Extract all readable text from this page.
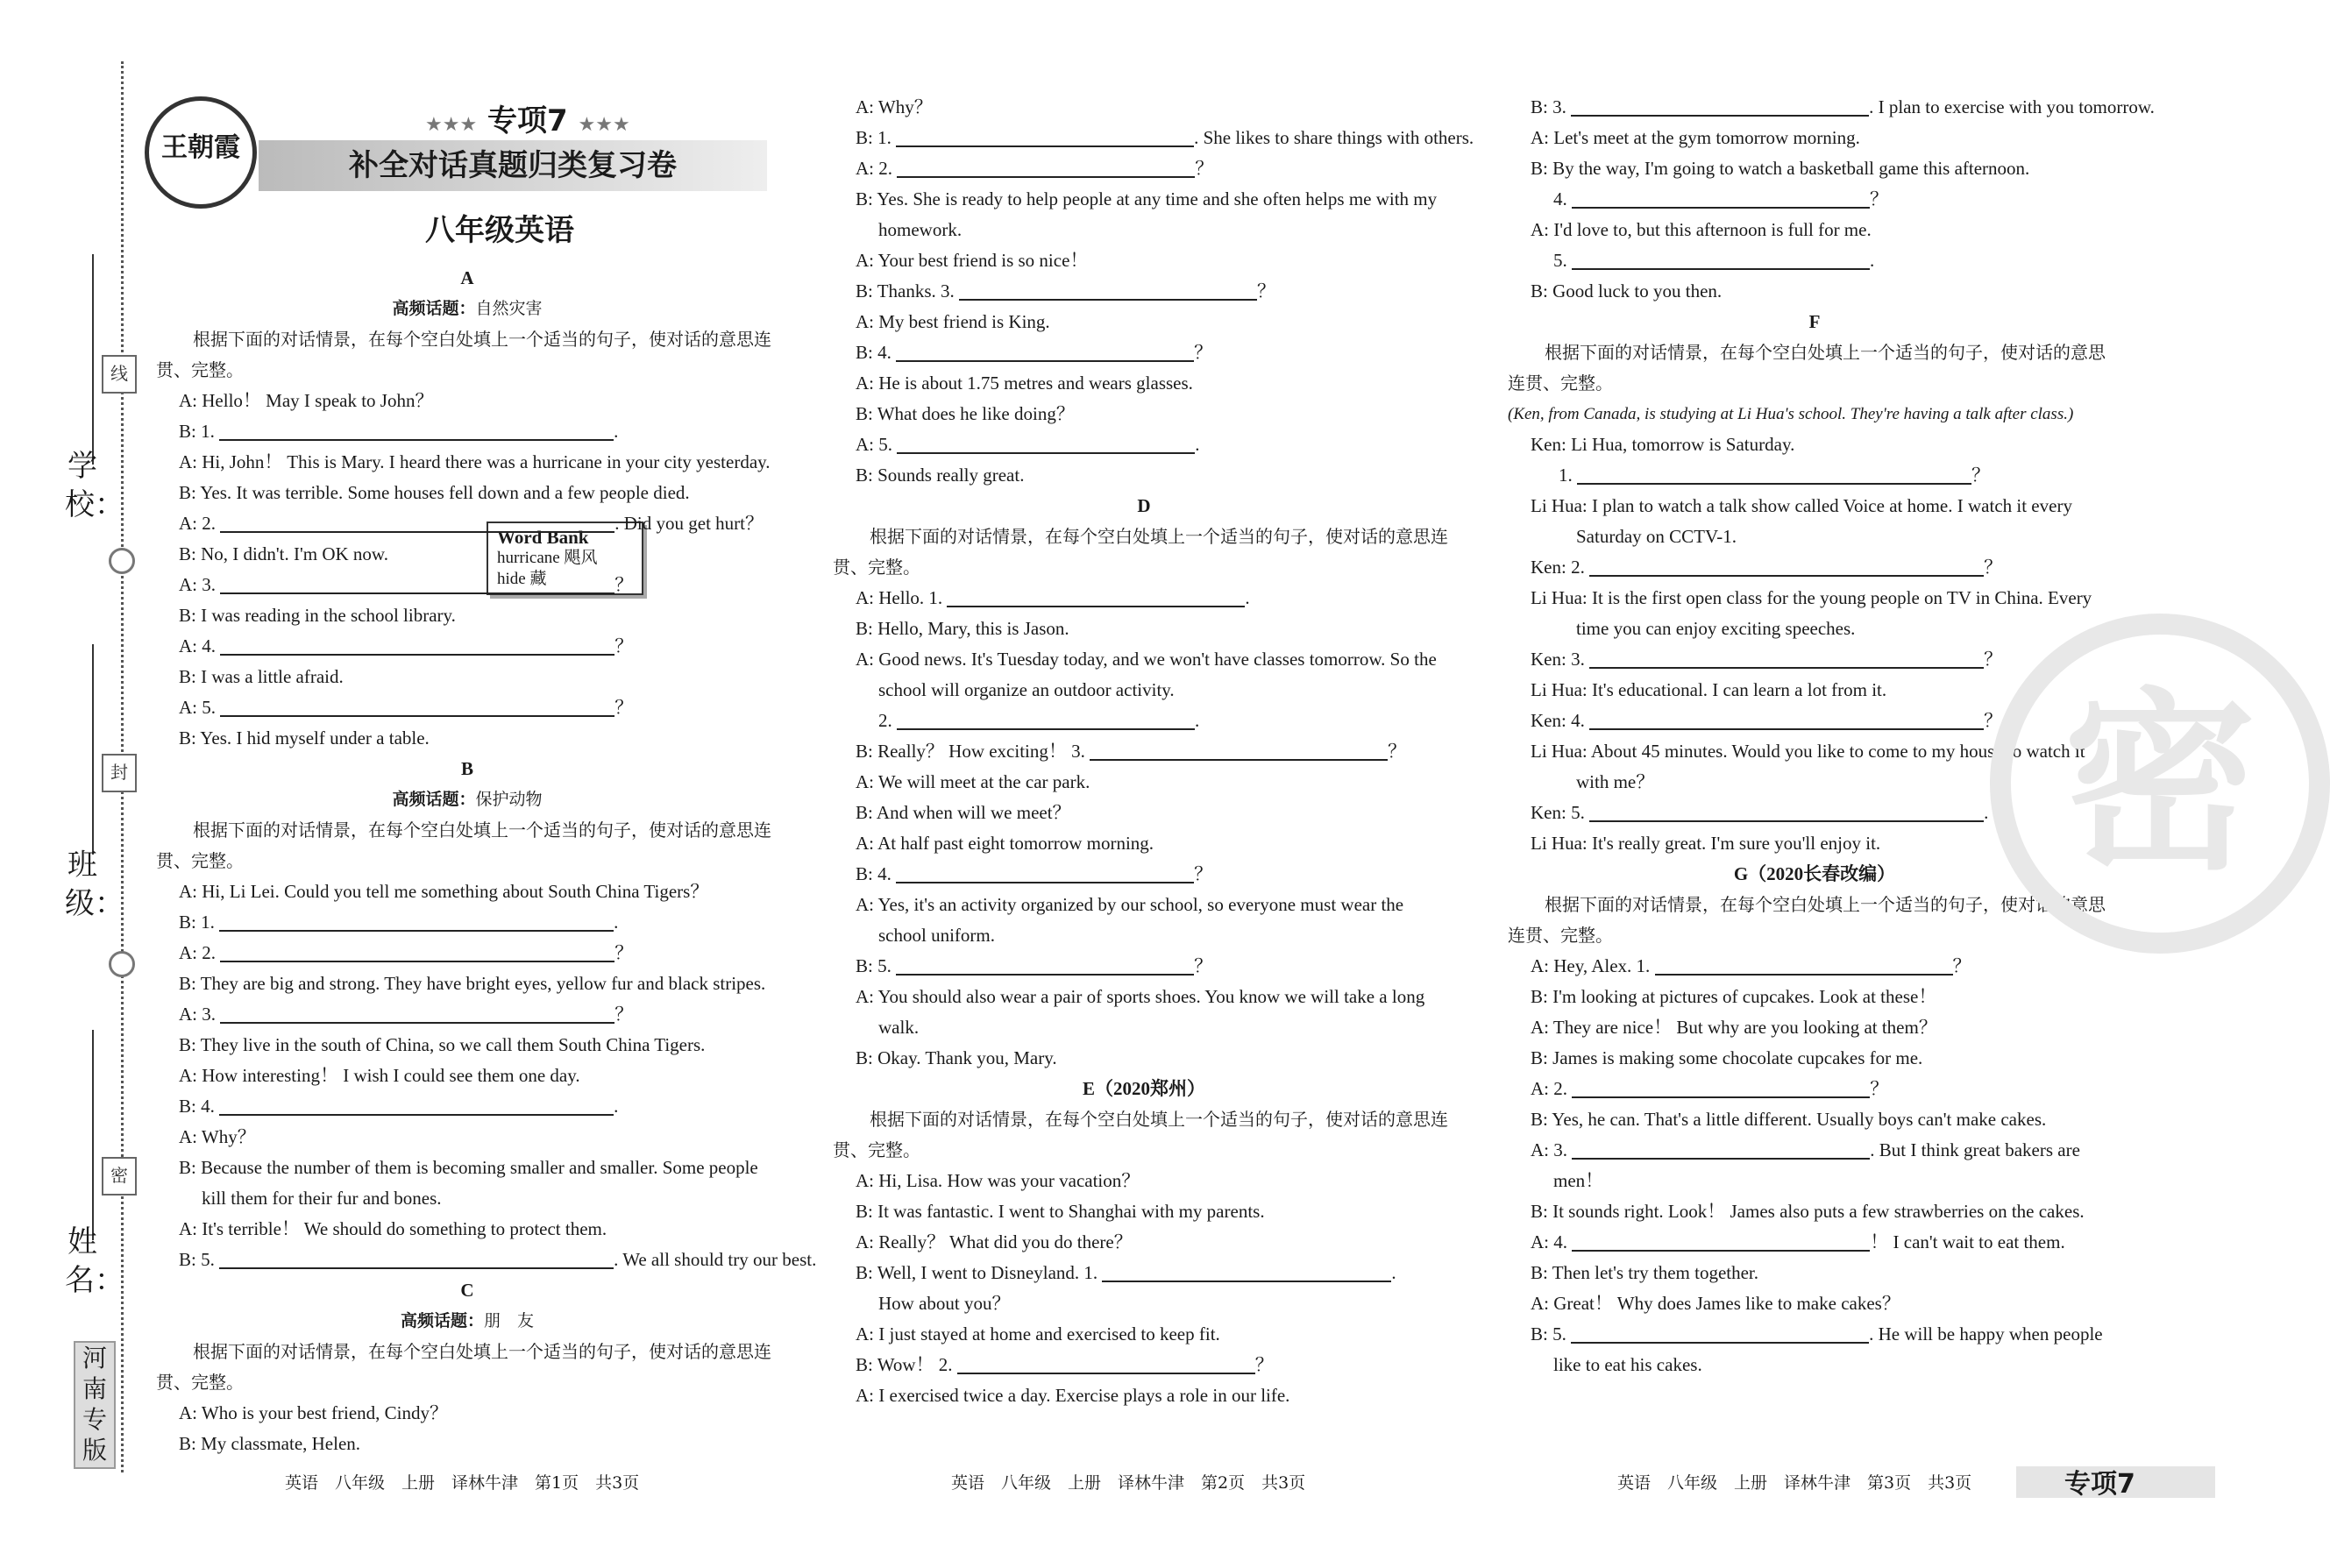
线
封
密
学校：
班级：
姓名：
河南专版
王朝霞
★★★ 专项7 ★★★
补全对话真题归类复习卷
八年级英语
Word Bank
hurricane 飓风
hide 藏
A
高频话题：自然灾害
根据下面的对话情景，在每个空白处填上一个适当的句子，使对话的意思连贯、完整。
A: Hello！ May I speak to John？
B: 1.	.
A: Hi, John！ This is Mary. I heard there was a hurricane in your city yesterday.
B: Yes. It was terrible. Some houses fell down and a few people died.
A: 2.	. Did you get hurt？
B: No, I didn't. I'm OK now.
A: 3.	？
B: I was reading in the school library.
A: 4.	？
B: I was a little afraid.
A: 5.	？
B: Yes. I hid myself under a table.
B
高频话题：保护动物
根据下面的对话情景，在每个空白处填上一个适当的句子，使对话的意思连贯、完整。
A: Hi, Li Lei. Could you tell me something about South China Tigers？
B: 1.	.
A: 2.	？
B: They are big and strong. They have bright eyes, yellow fur and black stripes.
A: 3.	？
B: They live in the south of China, so we call them South China Tigers.
A: How interesting！ I wish I could see them one day.
B: 4.	.
A: Why？
B: Because the number of them is becoming smaller and smaller. Some people kill them for their fur and bones.
A: It's terrible！ We should do something to protect them.
B: 5.	. We all should try our best.
C
高频话题：朋　友
根据下面的对话情景，在每个空白处填上一个适当的句子，使对话的意思连贯、完整。
A: Who is your best friend, Cindy？
B: My classmate, Helen.
A: Why？
B: 1.	. She likes to share things with others.
A: 2.	？
B: Yes. She is ready to help people at any time and she often helps me with my homework.
A: Your best friend is so nice！
B: Thanks. 3.	？
A: My best friend is King.
B: 4.	？
A: He is about 1.75 metres and wears glasses.
B: What does he like doing？
A: 5.	.
B: Sounds really great.
D
根据下面的对话情景，在每个空白处填上一个适当的句子，使对话的意思连贯、完整。
A: Hello. 1.	.
B: Hello, Mary, this is Jason.
A: Good news. It's Tuesday today, and we won't have classes tomorrow. So the school will organize an outdoor activity.
2.	.
B: Really？ How exciting！ 3.	？
A: We will meet at the car park.
B: And when will we meet？
A: At half past eight tomorrow morning.
B: 4.	？
A: Yes, it's an activity organized by our school, so everyone must wear the school uniform.
B: 5.	？
A: You should also wear a pair of sports shoes. You know we will take a long walk.
B: Okay. Thank you, Mary.
E（2020郑州）
根据下面的对话情景，在每个空白处填上一个适当的句子，使对话的意思连贯、完整。
A: Hi, Lisa. How was your vacation？
B: It was fantastic. I went to Shanghai with my parents.
A: Really？ What did you do there？
B: Well, I went to Disneyland. 1.	.
How about you？
A: I just stayed at home and exercised to keep fit.
B: Wow！ 2.	？
A: I exercised twice a day. Exercise plays a role in our life.
B: 3.	. I plan to exercise with you tomorrow.
A: Let's meet at the gym tomorrow morning.
B: By the way, I'm going to watch a basketball game this afternoon.
4.	？
A: I'd love to, but this afternoon is full for me.
5.	.
B: Good luck to you then.
F
根据下面的对话情景，在每个空白处填上一个适当的句子，使对话的意思连贯、完整。
(Ken, from Canada, is studying at Li Hua's school. They're having a talk after class.)
Ken: Li Hua, tomorrow is Saturday.
1.	？
Li Hua: I plan to watch a talk show called Voice at home. I watch it every Saturday on CCTV-1.
Ken: 2.	？
Li Hua: It is the first open class for the young people on TV in China. Every time you can enjoy exciting speeches.
Ken: 3.	？
Li Hua: It's educational. I can learn a lot from it.
Ken: 4.	？
Li Hua: About 45 minutes. Would you like to come to my house to watch it with me？
Ken: 5.	.
Li Hua: It's really great. I'm sure you'll enjoy it.
G（2020长春改编）
根据下面的对话情景，在每个空白处填上一个适当的句子，使对话的意思连贯、完整。
A: Hey, Alex. 1.	？
B: I'm looking at pictures of cupcakes. Look at these！
A: They are nice！ But why are you looking at them？
B: James is making some chocolate cupcakes for me.
A: 2.	？
B: Yes, he can. That's a little different. Usually boys can't make cakes.
A: 3.	. But I think great bakers are men！
B: It sounds right. Look！ James also puts a few strawberries on the cakes.
A: 4.	！ I can't wait to eat them.
B: Then let's try them together.
A: Great！ Why does James like to make cakes？
B: 5.	. He will be happy when people like to eat his cakes.
密
英语　八年级　上册　译林牛津　第1页　共3页	英语　八年级　上册　译林牛津　第2页　共3页	英语　八年级　上册　译林牛津　第3页　共3页	专项7
